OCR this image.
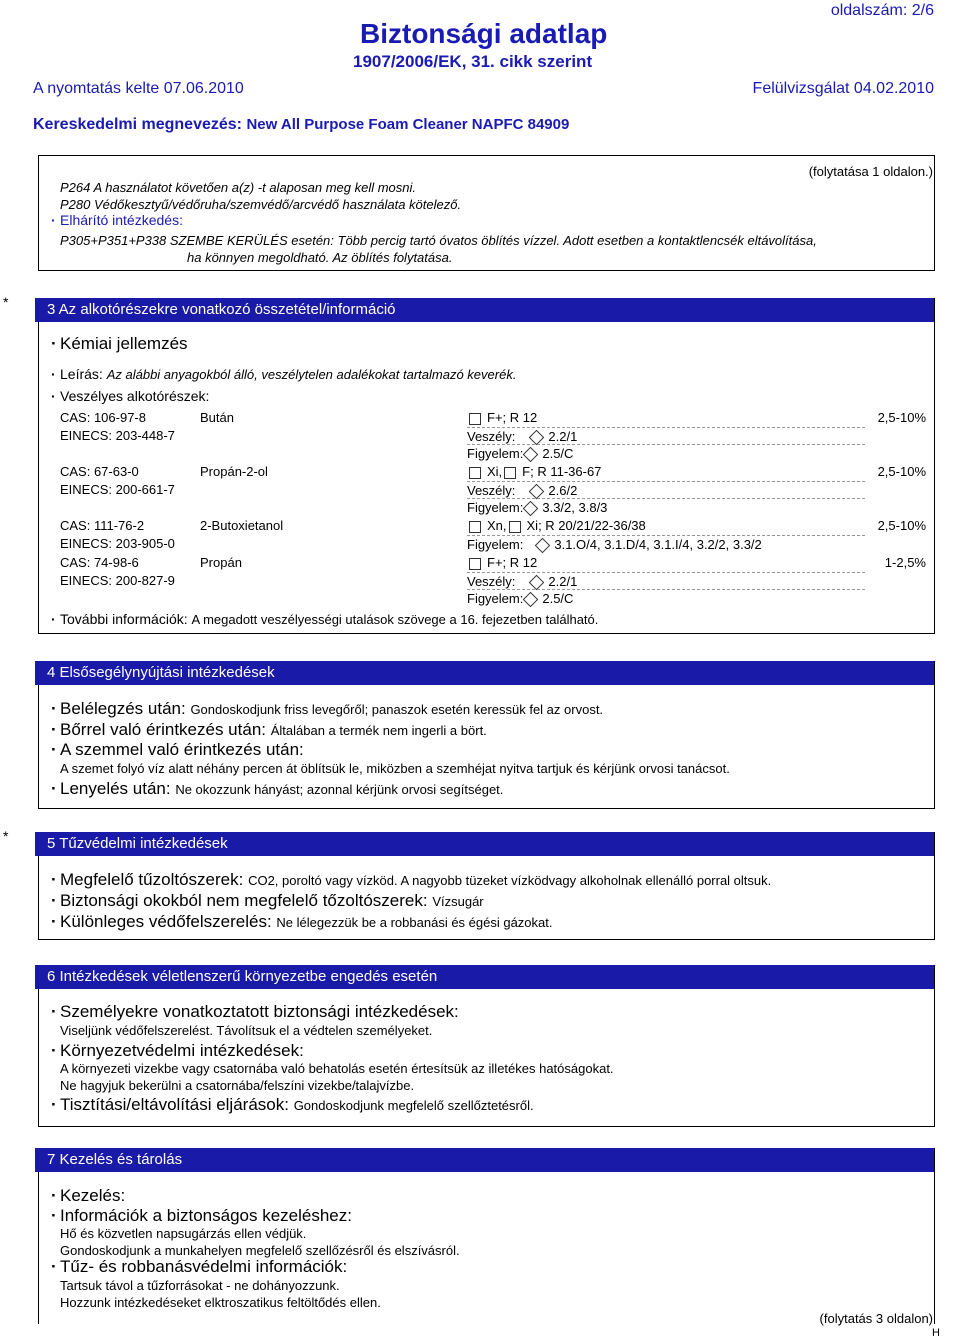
oldalszám: 2/6
Biztonsági adatlap
1907/2006/EK, 31. cikk szerint
A nyomtatás kelte 07.06.2010	Felülvizsgálat 04.02.2010
Kereskedelmi megnevezés: New All Purpose Foam Cleaner NAPFC 84909
(folytatása 1 oldalon.)
P264 A használatot követően a(z) -t alaposan meg kell mosni.
P280 Védőkesztyű/védőruha/szemvédő/arcvédő használata kötelező.
· Elhárító intézkedés:
P305+P351+P338 SZEMBE KERÜLÉS esetén: Több percig tartó óvatos öblítés vízzel. Adott esetben a kontaktlencsék eltávolítása,
ha könnyen megoldható. Az öblítés folytatása.
*	3 Az alkotórészekre vonatkozó összetétel/információ
· Kémiai jellemzés
· Leírás: Az alábbi anyagokból álló, veszélytelen adalékokat tartalmazó keverék.
· Veszélyes alkotórészek:
CAS: 106-97-8
EINECS: 203-448-7
Bután	F+; R 12
Veszély:	2.2/1
Figyelem: 2.5/C
2,5-10%
CAS: 67-63-0
EINECS: 200-661-7
Propán-2-ol	Xi, F; R 11-36-67
Veszély:	2.6/2
Figyelem: 3.3/2, 3.8/3
2,5-10%
CAS: 111-76-2
EINECS: 203-905-0
2-Butoxietanol	Xn, Xi; R 20/21/22-36/38
Figyelem: 3.1.O/4, 3.1.D/4, 3.1.I/4, 3.2/2, 3.3/2
2,5-10%
CAS: 74-98-6
EINECS: 200-827-9
Propán	F+; R 12
Veszély:	2.2/1
Figyelem: 2.5/C
1-2,5%
· További információk: A megadott veszélyességi utalások szövege a 16. fejezetben található.
4 Elsősegélynyújtási intézkedések
· Belélegzés után: Gondoskodjunk friss levegőről; panaszok esetén keressük fel az orvost.
· Bőrrel való érintkezés után: Általában a termék nem ingerli a bört.
· A szemmel való érintkezés után:
A szemet folyó víz alatt néhány percen át öblítsük le, miközben a szemhéjat nyitva tartjuk és kérjünk orvosi tanácsot.
· Lenyelés után: Ne okozzunk hányást; azonnal kérjünk orvosi segítséget.
*	5 Tűzvédelmi intézkedések
· Megfelelő tűzoltószerek: CO2, poroltó vagy vízköd. A nagyobb tüzeket vízködvagy alkoholnak ellenálló porral oltsuk.
· Biztonsági okokból nem megfelelő tőzoltószerek: Vízsugár
· Különleges védőfelszerelés: Ne lélegezzük be a robbanási és égési gázokat.
6 Intézkedések véletlenszerű környezetbe engedés esetén
· Személyekre vonatkoztatott biztonsági intézkedések:
Viseljünk védőfelszerelést. Távolítsuk el a védtelen személyeket.
· Környezetvédelmi intézkedések:
A környezeti vizekbe vagy csatornába való behatolás esetén értesítsük az illetékes hatóságokat.
Ne hagyjuk bekerülni a csatornába/felszíni vizekbe/talajvízbe.
· Tisztítási/eltávolítási eljárások: Gondoskodjunk megfelelő szellőztetésről.
7 Kezelés és tárolás
· Kezelés:
· Információk a biztonságos kezeléshez:
Hő és közvetlen napsugárzás ellen védjük.
Gondoskodjunk a munkahelyen megfelelő szellőzésről és elszívásról.
· Tűz- és robbanásvédelmi információk:
Tartsuk távol a tűzforrásokat - ne dohányozzunk.
Hozzunk intézkedéseket elktroszatikus feltöltődés ellen.
(folytatás 3 oldalon)
H
